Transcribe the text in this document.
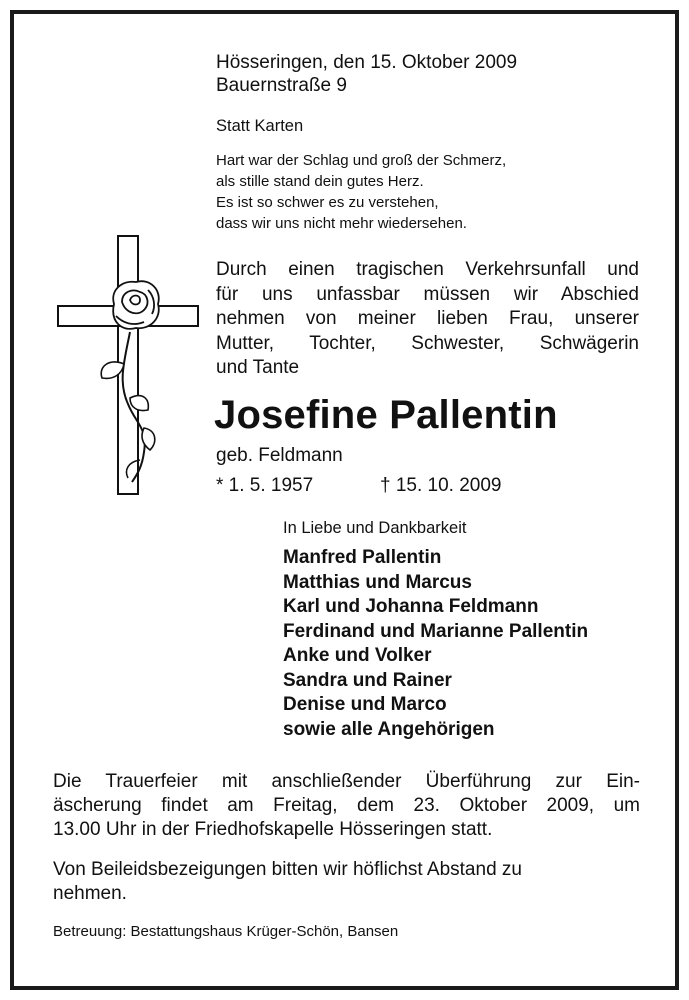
Hösseringen, den 15. Oktober 2009
Bauernstraße 9
Statt Karten
Hart war der Schlag und groß der Schmerz,
als stille stand dein gutes Herz.
Es ist so schwer es zu verstehen,
dass wir uns nicht mehr wiedersehen.
Durch einen tragischen Verkehrsunfall und
für uns unfassbar müssen wir Abschied
nehmen von meiner lieben Frau, unserer
Mutter, Tochter, Schwester, Schwägerin
und Tante
Josefine Pallentin
geb. Feldmann
* 1. 5. 1957	† 15. 10. 2009
In Liebe und Dankbarkeit
Manfred Pallentin
Matthias und Marcus
Karl und Johanna Feldmann
Ferdinand und Marianne Pallentin
Anke und Volker
Sandra und Rainer
Denise und Marco
sowie alle Angehörigen
Die Trauerfeier mit anschließender Überführung zur Ein-
äscherung findet am Freitag, dem 23. Oktober 2009, um
13.00 Uhr in der Friedhofskapelle Hösseringen statt.
Von Beileidsbezeigungen bitten wir höflichst Abstand zu
nehmen.
Betreuung: Bestattungshaus Krüger-Schön, Bansen
